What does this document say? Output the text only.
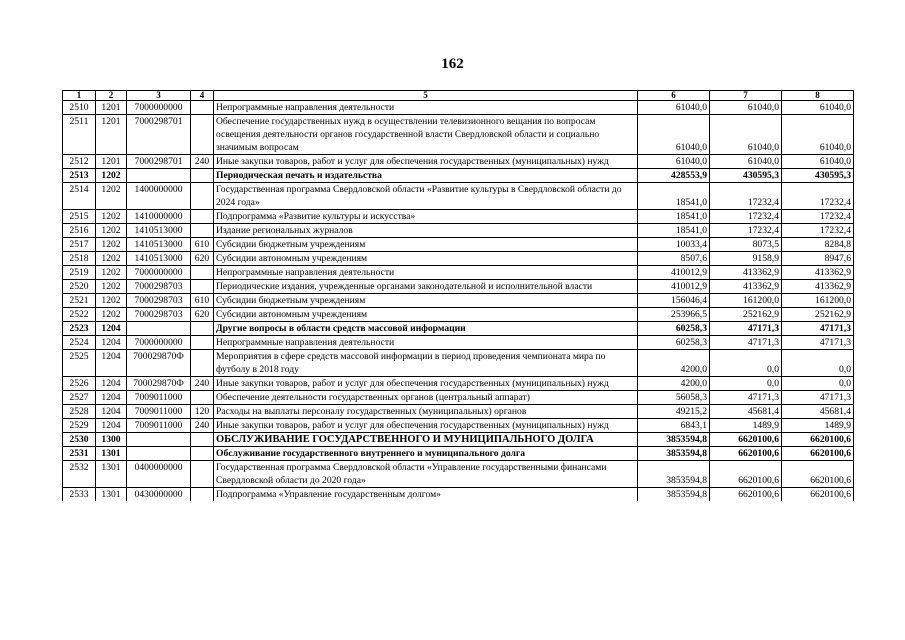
162
1	2	3	4	5	6	7	8
2510	1201	7000000000		Непрограммные направления деятельности	61040,0	61040,0	61040,0
2511	1201	7000298701		Обеспечение государственных нужд в осуществлении телевизионного вещания по вопросам освещения деятельности органов государственной власти Свердловской области и социально значимым вопросам	61040,0	61040,0	61040,0
2512	1201	7000298701	240	Иные закупки товаров, работ и услуг для обеспечения государственных (муниципальных) нужд	61040,0	61040,0	61040,0
2513	1202			Периодическая печать и издательства	428553,9	430595,3	430595,3
2514	1202	1400000000		Государственная программа Свердловской области «Развитие культуры в Свердловской области до 2024 года»	18541,0	17232,4	17232,4
2515	1202	1410000000		Подпрограмма «Развитие культуры и искусства»	18541,0	17232,4	17232,4
2516	1202	1410513000		Издание региональных журналов	18541,0	17232,4	17232,4
2517	1202	1410513000	610	Субсидии бюджетным учреждениям	10033,4	8073,5	8284,8
2518	1202	1410513000	620	Субсидии автономным учреждениям	8507,6	9158,9	8947,6
2519	1202	7000000000		Непрограммные направления деятельности	410012,9	413362,9	413362,9
2520	1202	7000298703		Периодические издания, учрежденные органами законодательной и исполнительной власти	410012,9	413362,9	413362,9
2521	1202	7000298703	610	Субсидии бюджетным учреждениям	156046,4	161200,0	161200,0
2522	1202	7000298703	620	Субсидии автономным учреждениям	253966,5	252162,9	252162,9
2523	1204			Другие вопросы в области средств массовой информации	60258,3	47171,3	47171,3
2524	1204	7000000000		Непрограммные направления деятельности	60258,3	47171,3	47171,3
2525	1204	700029870Ф		Мероприятия в сфере средств массовой информации в период проведения чемпионата мира по футболу в 2018 году	4200,0	0,0	0,0
2526	1204	700029870Ф	240	Иные закупки товаров, работ и услуг для обеспечения государственных (муниципальных) нужд	4200,0	0,0	0,0
2527	1204	7009011000		Обеспечение деятельности государственных органов (центральный аппарат)	56058,3	47171,3	47171,3
2528	1204	7009011000	120	Расходы на выплаты персоналу государственных (муниципальных) органов	49215,2	45681,4	45681,4
2529	1204	7009011000	240	Иные закупки товаров, работ и услуг для обеспечения государственных (муниципальных) нужд	6843,1	1489,9	1489,9
2530	1300			ОБСЛУЖИВАНИЕ ГОСУДАРСТВЕННОГО И МУНИЦИПАЛЬНОГО ДОЛГА	3853594,8	6620100,6	6620100,6
2531	1301			Обслуживание государственного внутреннего и муниципального долга	3853594,8	6620100,6	6620100,6
2532	1301	0400000000		Государственная программа Свердловской области «Управление государственными финансами Свердловской области до 2020 года»	3853594,8	6620100,6	6620100,6
2533	1301	0430000000		Подпрограмма «Управление государственным долгом»	3853594,8	6620100,6	6620100,6
